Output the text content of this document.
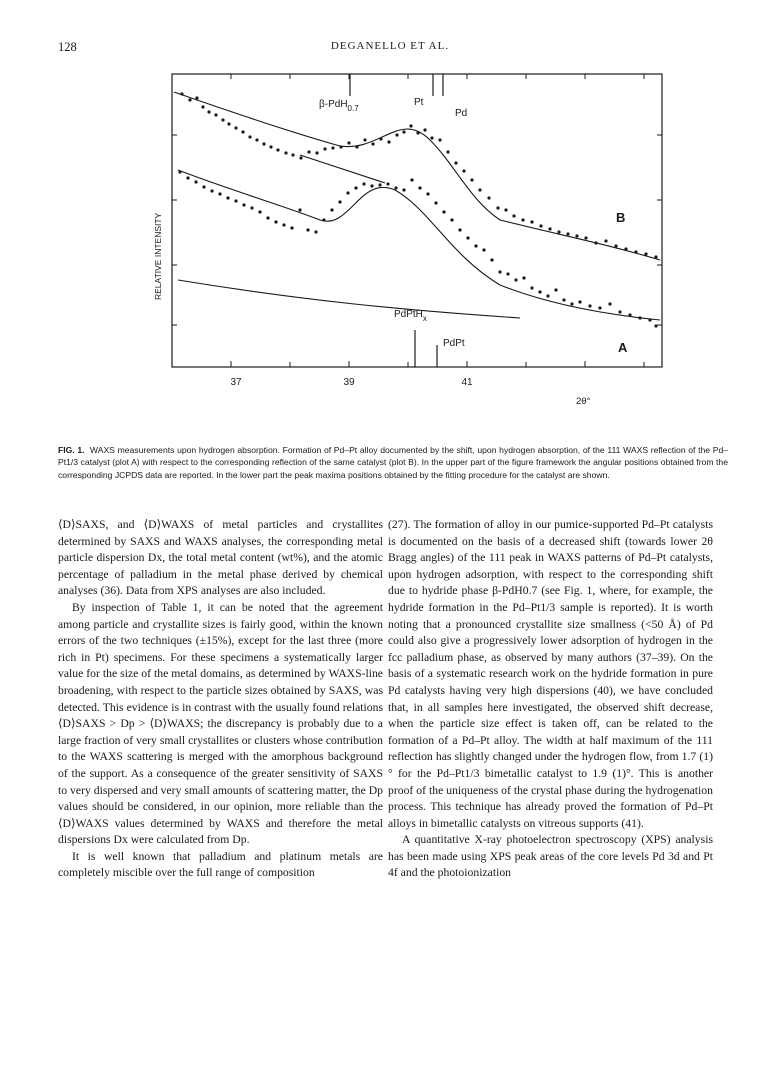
128	DEGANELLO ET AL.
β-PdH$_{0.7}$
Pt
Pd
PdPtH$_x$
PdPt
B
A
37	39	41
2θ°
RELATIVE INTENSITY
FIG. 1. WAXS measurements upon hydrogen absorption. Formation of Pd–Pt alloy documented by the shift, upon hydrogen absorption, of the 111 WAXS reflection of the Pd–Pt1/3 catalyst (plot A) with respect to the corresponding reflection of the same catalyst (plot B). In the upper part of the figure framework the angular positions obtained from the corresponding JCPDS data are reported. In the lower part the peak maxima positions obtained by the fitting procedure for the catalyst are shown.

⟨D⟩SAXS, and ⟨D⟩WAXS of metal particles and crystallites determined by SAXS and WAXS analyses, the corresponding metal particle dispersion Dx, the total metal content (wt%), and the atomic percentage of palladium in the metal phase derived by chemical analyses (36). Data from XPS analyses are also included.

By inspection of Table 1, it can be noted that the agreement among particle and crystallite sizes is fairly good, within the known errors of the two techniques (±15%), except for the last three (more rich in Pt) specimens. For these specimens a systematically larger value for the size of the metal domains, as determined by WAXS-line broadening, with respect to the particle sizes obtained by SAXS, was detected. This evidence is in contrast with the usually found relations ⟨D⟩SAXS > Dp > ⟨D⟩WAXS; the discrepancy is probably due to a large fraction of very small crystallites or clusters whose contribution to the WAXS scattering is merged with the amorphous background of the support. As a consequence of the greater sensitivity of SAXS to very dispersed and very small amounts of scattering matter, the Dp values should be considered, in our opinion, more reliable than the ⟨D⟩WAXS values determined by WAXS and therefore the metal dispersions Dx were calculated from Dp.

It is well known that palladium and platinum metals are completely miscible over the full range of composition

(27). The formation of alloy in our pumice-supported Pd–Pt catalysts is documented on the basis of a decreased shift (towards lower 2θ Bragg angles) of the 111 peak in WAXS patterns of Pd–Pt catalysts, upon hydrogen adsorption, with respect to the corresponding shift due to hydride phase β-PdH0.7 (see Fig. 1, where, for example, the hydride formation in the Pd–Pt1/3 sample is reported). It is worth noting that a pronounced crystallite size smallness (<50 Å) of Pd could also give a progressively lower adsorption of hydrogen in the fcc palladium phase, as observed by many authors (37–39). On the basis of a systematic research work on the hydride formation in pure Pd catalysts having very high dispersions (40), we have concluded that, in all samples here investigated, the observed shift decrease, when the particle size effect is taken off, can be related to the formation of a Pd–Pt alloy. The width at half maximum of the 111 reflection has slightly changed under the hydrogen flow, from 1.7 (1)° for the Pd–Pt1/3 bimetallic catalyst to 1.9 (1)°. This is another proof of the uniqueness of the crystal phase during the hydrogenation process. This technique has already proved the formation of Pd–Pt alloys in bimetallic catalysts on vitreous supports (41).

A quantitative X-ray photoelectron spectroscopy (XPS) analysis has been made using XPS peak areas of the core levels Pd 3d and Pt 4f and the photoionization
